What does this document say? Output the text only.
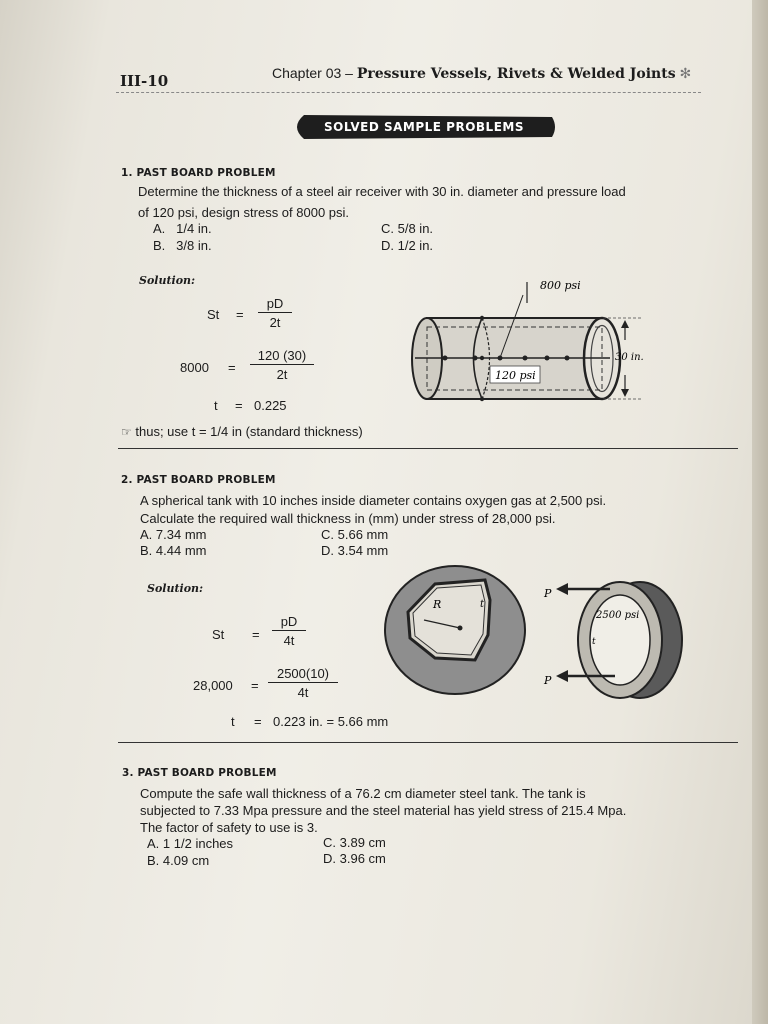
III-10	Chapter 03 – Pressure Vessels, Rivets & Welded Joints ✻
SOLVED SAMPLE PROBLEMS
1. PAST BOARD PROBLEM
Determine the thickness of a steel air receiver with 30 in. diameter and pressure load
of 120 psi, design stress of 8000 psi.
A. 1/4 in.
B. 3/8 in.
C. 5/8 in.
D. 1/2 in.
Solution:
$St = \frac{pD}{2t}$
$8000 = \frac{120 (30)}{2t}$
t = 0.225
☞ thus; use t = 1/4 in (standard thickness)
800 psi
120 psi
30 in.
2. PAST BOARD PROBLEM
A spherical tank with 10 inches inside diameter contains oxygen gas at 2,500 psi.
Calculate the required wall thickness in (mm) under stress of 28,000 psi.
A. 7.34 mm
B. 4.44 mm
C. 5.66 mm
D. 3.54 mm
Solution:
$St = \frac{pD}{4t}$
$28,000 = \frac{2500(10)}{4t}$
t = 0.223 in. = 5.66 mm
R	t
P
P
2500 psi
t
3. PAST BOARD PROBLEM
Compute the safe wall thickness of a 76.2 cm diameter steel tank. The tank is
subjected to 7.33 Mpa pressure and the steel material has yield stress of 215.4 Mpa.
The factor of safety to use is 3.
A. 1 1/2 inches
B. 4.09 cm
C. 3.89 cm
D. 3.96 cm
